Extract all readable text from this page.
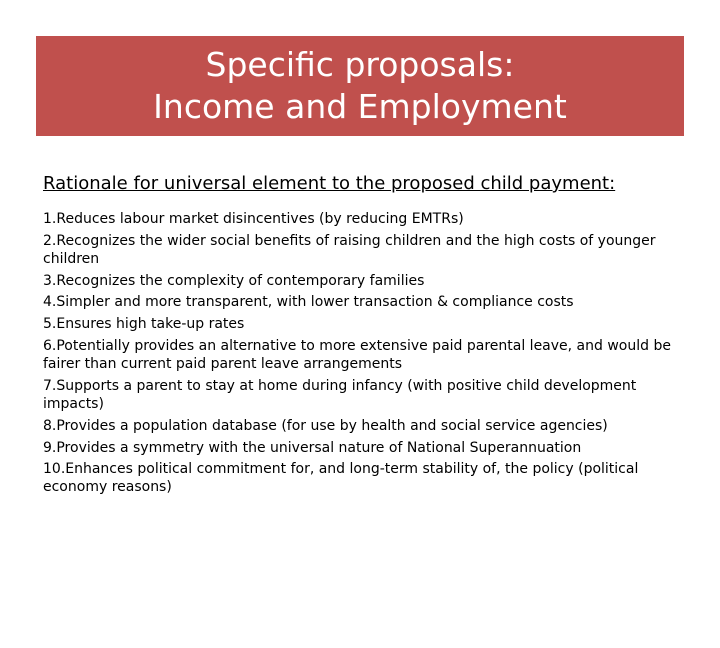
Specific proposals:
Income and Employment
Rationale for universal element to the proposed child payment:
1.Reduces labour market disincentives (by reducing EMTRs)
2.Recognizes the wider social benefits of raising children and the high costs of younger children
3.Recognizes the complexity of contemporary families
4.Simpler and more transparent, with lower transaction & compliance costs
5.Ensures high take-up rates
6.Potentially provides an alternative to more extensive paid parental leave, and would be fairer than current paid parent leave arrangements
7.Supports a parent to stay at home during infancy (with positive child development impacts)
8.Provides a population database (for use by health and social service agencies)
9.Provides a symmetry with the universal nature of National Superannuation
10.Enhances political commitment for, and long-term stability of, the policy (political economy reasons)
